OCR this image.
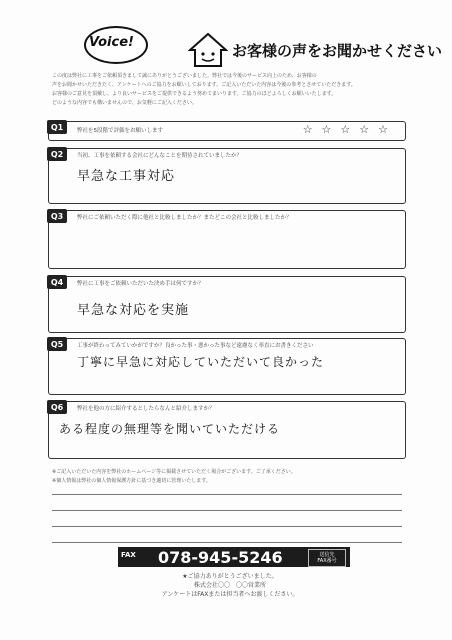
Voice!	お客様の声をお聞かせください
この度は弊社に工事をご依頼頂きまして誠にありがとうございました。弊社では今後のサービス向上のため、お客様の
声をお聞かせいただきたく、アンケートへのご協力をお願いしております。ご記入いただいた内容は今後の参考とさせていただきます。
お客様のご意見を頂戴し、より良いサービスをご提供できるよう努めてまいります。ご協力のほどよろしくお願いいたします。
どのような内容でも構いませんので、お気軽にご記入ください。
Q1	弊社を5段階で評価をお願いします	☆☆☆☆☆
Q2	当初、工事を依頼する会社にどんなことを期待されていましたか？
早急な工事対応
Q3	弊社にご依頼いただく際に他社と比較しましたか？またどこの会社と比較しましたか？
Q4	弊社に工事をご依頼いただいた決め手は何ですか？
早急な対応を実施
Q5	工事が終わってみていかがですか？良かった事・悪かった事など遠慮なく率直にお書きください
丁寧に早急に対応していただいて良かった
Q6	弊社を他の方に紹介するとしたらなんと紹介しますか？
ある程度の無理等を聞いていただける
※ご記入いただいた内容を弊社のホームページ等に掲載させていただく場合がございます。ご了承ください。
※個人情報は弊社の個人情報保護方針に基づき適切に管理いたします。
FAX 078-945-5246	送信先
FAX番号
★ご協力ありがとうございました。
株式会社〇〇　〇〇営業所
アンケートはFAXまたは担当者へお渡しください。
